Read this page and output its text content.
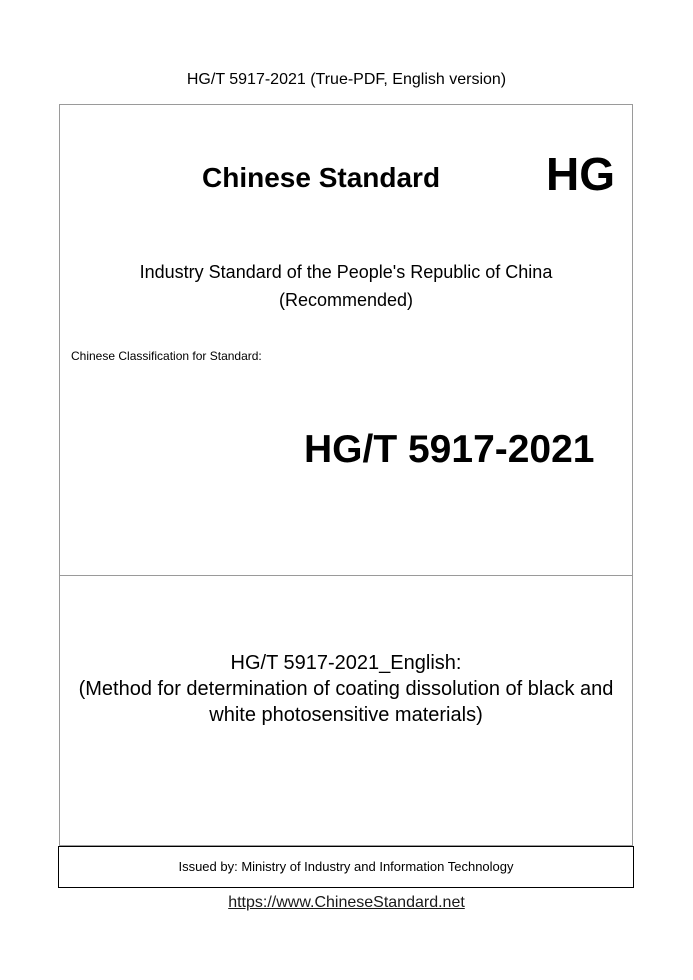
HG/T 5917-2021 (True-PDF, English version)
Chinese Standard HG
Industry Standard of the People's Republic of China
(Recommended)
Chinese Classification for Standard:
HG/T 5917-2021
HG/T 5917-2021_English:
(Method for determination of coating dissolution of black and
white photosensitive materials)
Issued by: Ministry of Industry and Information Technology
https://www.ChineseStandard.net
